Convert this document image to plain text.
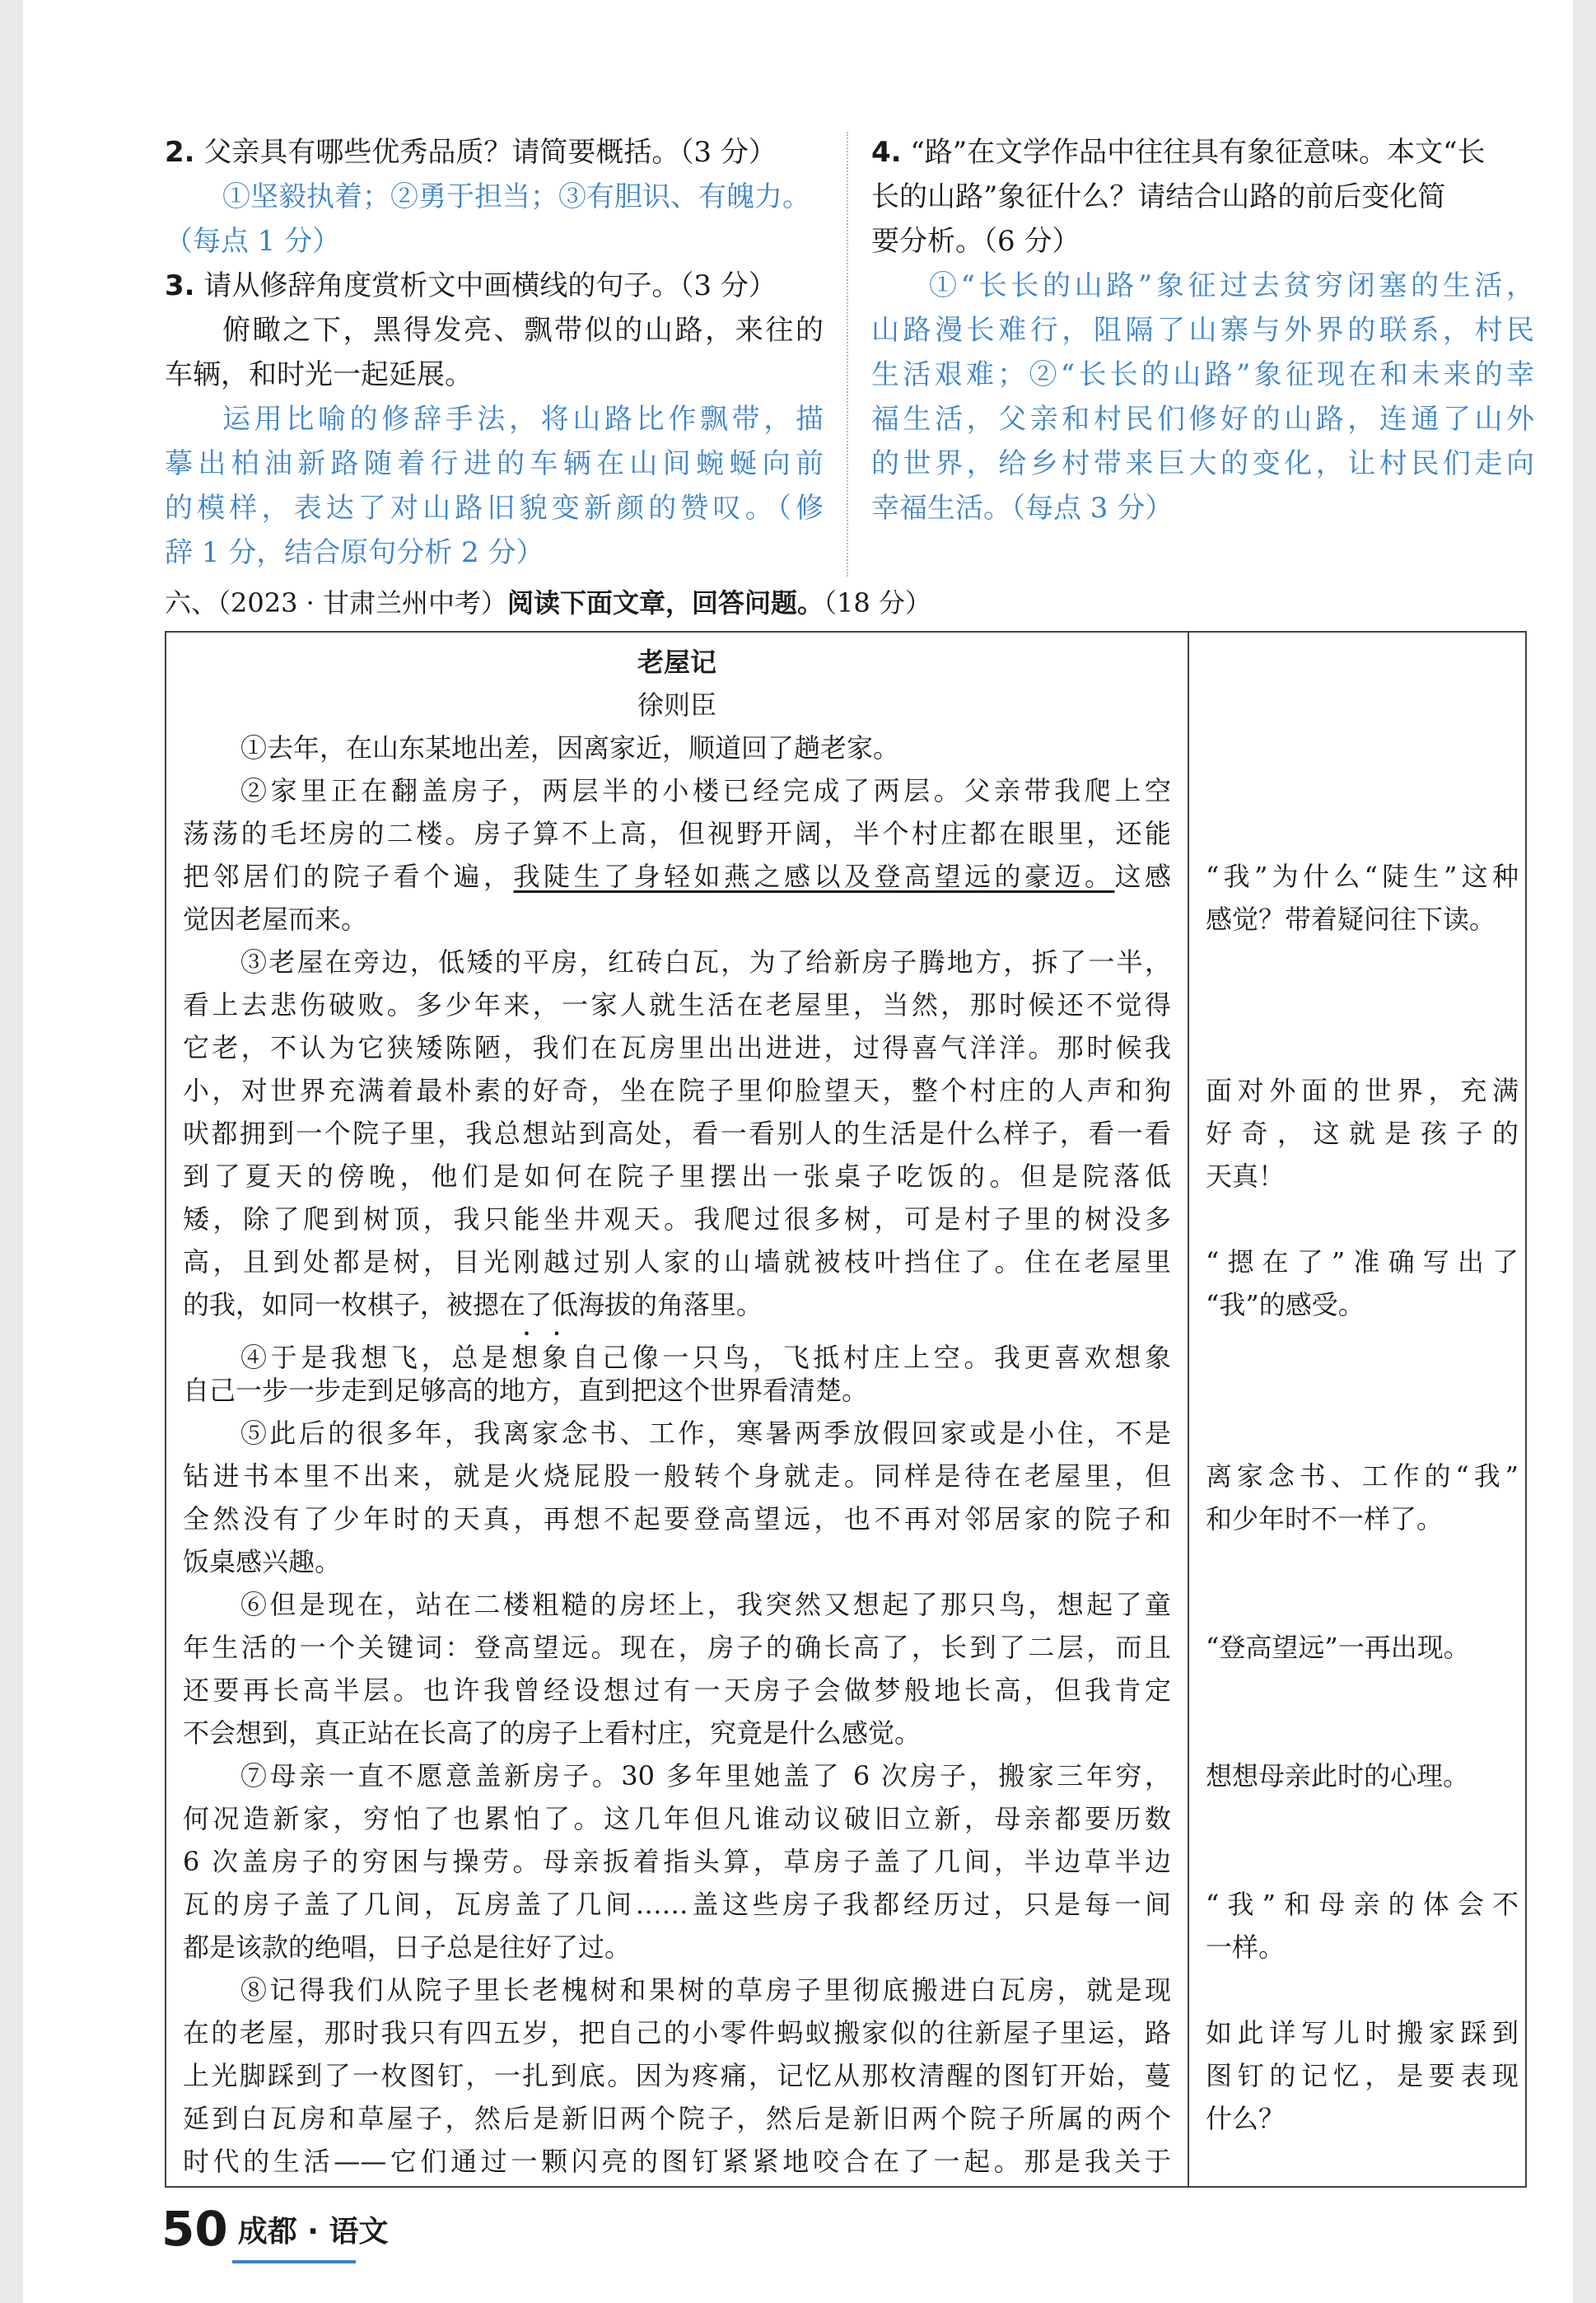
2. 父亲具有哪些优秀品质？请简要概括。（3 分）
①坚毅执着；②勇于担当；③有胆识、有魄力。
（每点 1 分）
3. 请从修辞角度赏析文中画横线的句子。（3 分）
俯瞰之下，黑得发亮、飘带似的山路，来往的
车辆，和时光一起延展。
运用比喻的修辞手法，将山路比作飘带，描
摹出柏油新路随着行进的车辆在山间蜿蜒向前
的模样，表达了对山路旧貌变新颜的赞叹。（修
辞 1 分，结合原句分析 2 分）
4. “路”在文学作品中往往具有象征意味。本文“长
长的山路”象征什么？请结合山路的前后变化简
要分析。（6 分）
①“长长的山路”象征过去贫穷闭塞的生活，
山路漫长难行，阻隔了山寨与外界的联系，村民
生活艰难；②“长长的山路”象征现在和未来的幸
福生活，父亲和村民们修好的山路，连通了山外
的世界，给乡村带来巨大的变化，让村民们走向
幸福生活。（每点 3 分）
六、（2023 · 甘肃兰州中考）阅读下面文章，回答问题。（18 分）
老屋记
徐则臣
①去年，在山东某地出差，因离家近，顺道回了趟老家。
②家里正在翻盖房子，两层半的小楼已经完成了两层。父亲带我爬上空
荡荡的毛坯房的二楼。房子算不上高，但视野开阔，半个村庄都在眼里，还能
把邻居们的院子看个遍，我陡生了身轻如燕之感以及登高望远的豪迈。这感
觉因老屋而来。
③老屋在旁边，低矮的平房，红砖白瓦，为了给新房子腾地方，拆了一半，
看上去悲伤破败。多少年来，一家人就生活在老屋里，当然，那时候还不觉得
它老，不认为它狭矮陈陋，我们在瓦房里出出进进，过得喜气洋洋。那时候我
小，对世界充满着最朴素的好奇，坐在院子里仰脸望天，整个村庄的人声和狗
吠都拥到一个院子里，我总想站到高处，看一看别人的生活是什么样子，看一看
到了夏天的傍晚，他们是如何在院子里摆出一张桌子吃饭的。但是院落低
矮，除了爬到树顶，我只能坐井观天。我爬过很多树，可是村子里的树没多
高，且到处都是树，目光刚越过别人家的山墙就被枝叶挡住了。住在老屋里
的我，如同一枚棋子，被摁在了低海拔的角落里。
④于是我想飞，总是想象自己像一只鸟，飞抵村庄上空。我更喜欢想象
自己一步一步走到足够高的地方，直到把这个世界看清楚。
⑤此后的很多年，我离家念书、工作，寒暑两季放假回家或是小住，不是
钻进书本里不出来，就是火烧屁股一般转个身就走。同样是待在老屋里，但
全然没有了少年时的天真，再想不起要登高望远，也不再对邻居家的院子和
饭桌感兴趣。
⑥但是现在，站在二楼粗糙的房坯上，我突然又想起了那只鸟，想起了童
年生活的一个关键词：登高望远。现在，房子的确长高了，长到了二层，而且
还要再长高半层。也许我曾经设想过有一天房子会做梦般地长高，但我肯定
不会想到，真正站在长高了的房子上看村庄，究竟是什么感觉。
⑦母亲一直不愿意盖新房子。30 多年里她盖了 6 次房子，搬家三年穷，
何况造新家，穷怕了也累怕了。这几年但凡谁动议破旧立新，母亲都要历数
6 次盖房子的穷困与操劳。母亲扳着指头算，草房子盖了几间，半边草半边
瓦的房子盖了几间，瓦房盖了几间……盖这些房子我都经历过，只是每一间
都是该款的绝唱，日子总是往好了过。
⑧记得我们从院子里长老槐树和果树的草房子里彻底搬进白瓦房，就是现
在的老屋，那时我只有四五岁，把自己的小零件蚂蚁搬家似的往新屋子里运，路
上光脚踩到了一枚图钉，一扎到底。因为疼痛，记忆从那枚清醒的图钉开始，蔓
延到白瓦房和草屋子，然后是新旧两个院子，然后是新旧两个院子所属的两个
时代的生活——它们通过一颗闪亮的图钉紧紧地咬合在了一起。那是我关于
“我”为什么“陡生”这种
感觉？带着疑问往下读。
面对外面的世界，充满
好奇，这就是孩子的
天真！
“摁在了”准确写出了
“我”的感受。
离家念书、工作的“我”
和少年时不一样了。
“登高望远”一再出现。
想想母亲此时的心理。
“我”和母亲的体会不
一样。
如此详写儿时搬家踩到
图钉的记忆，是要表现
什么？
50 成都 · 语文
